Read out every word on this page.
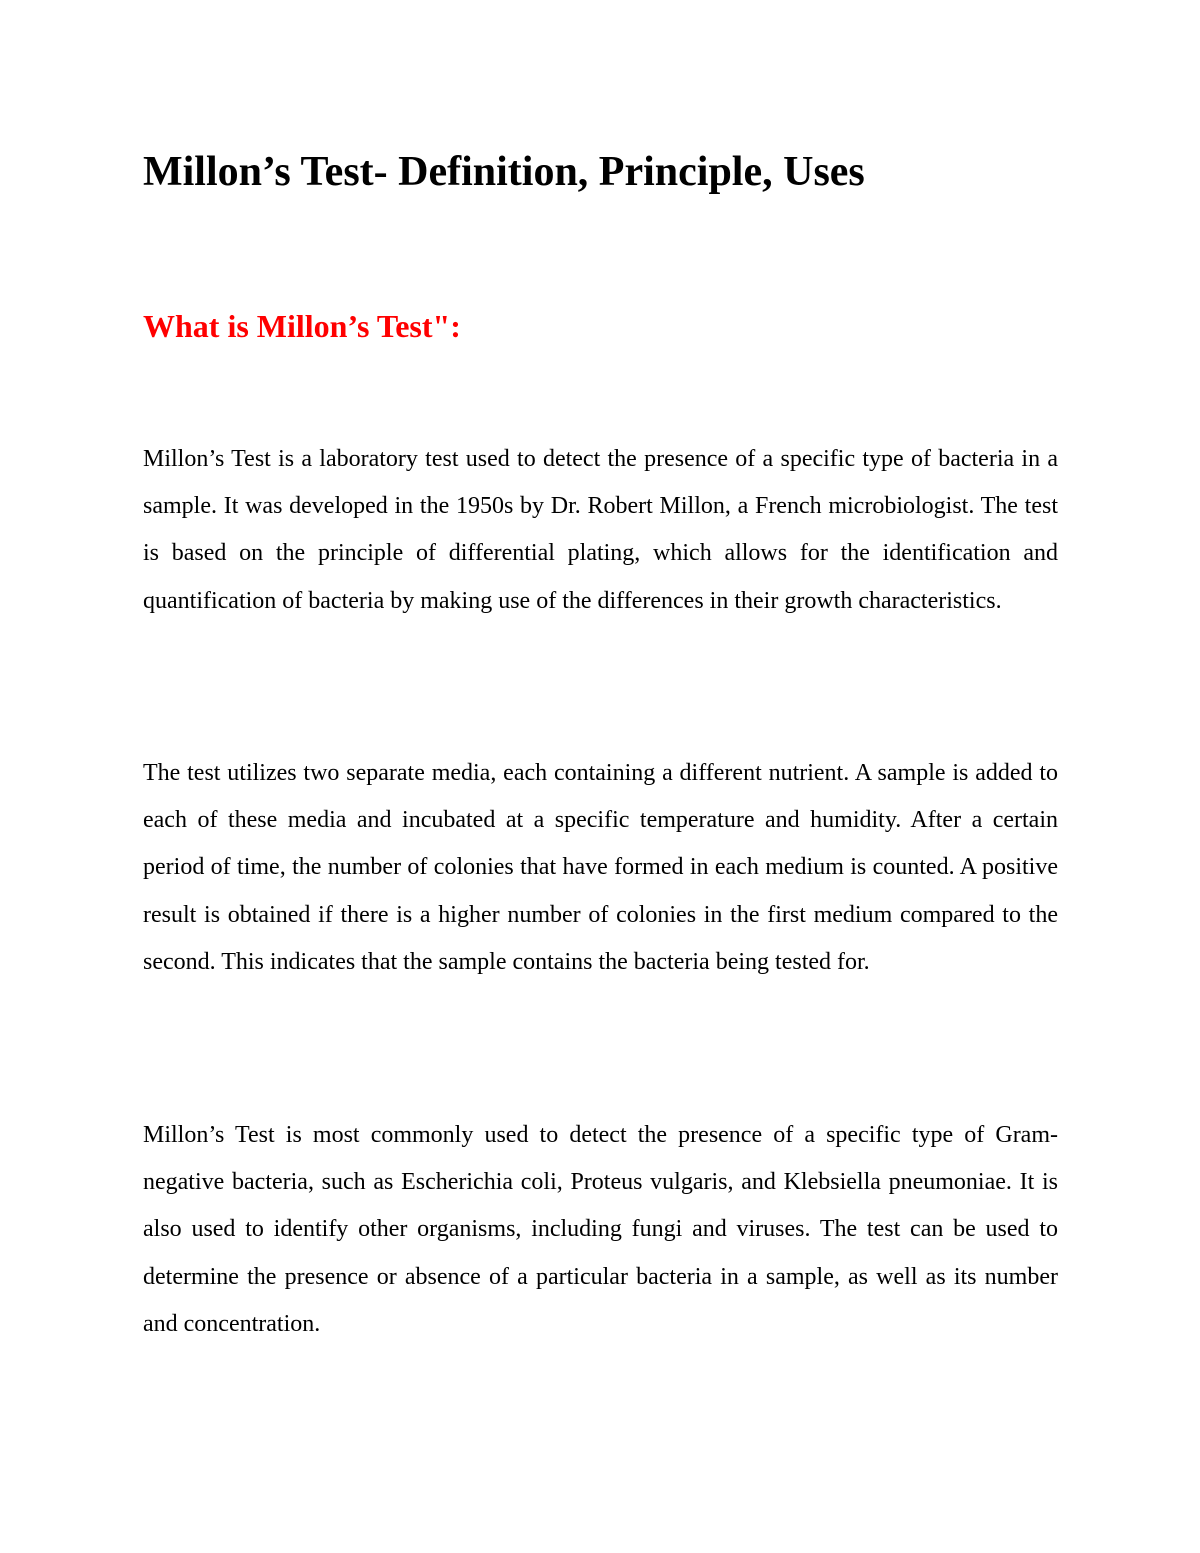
Millon’s Test- Definition, Principle, Uses
What is Millon’s Test":

Millon’s Test is a laboratory test used to detect the presence of a specific type of bacteria in a sample. It was developed in the 1950s by Dr. Robert Millon, a French microbiologist. The test is based on the principle of differential plating, which allows for the identification and quantification of bacteria by making use of the differences in their growth characteristics.

The test utilizes two separate media, each containing a different nutrient. A sample is added to each of these media and incubated at a specific temperature and humidity. After a certain period of time, the number of colonies that have formed in each medium is counted. A positive result is obtained if there is a higher number of colonies in the first medium compared to the second. This indicates that the sample contains the bacteria being tested for.

Millon’s Test is most commonly used to detect the presence of a specific type of Gram-negative bacteria, such as Escherichia coli, Proteus vulgaris, and Klebsiella pneumoniae. It is also used to identify other organisms, including fungi and viruses. The test can be used to determine the presence or absence of a particular bacteria in a sample, as well as its number and concentration.
